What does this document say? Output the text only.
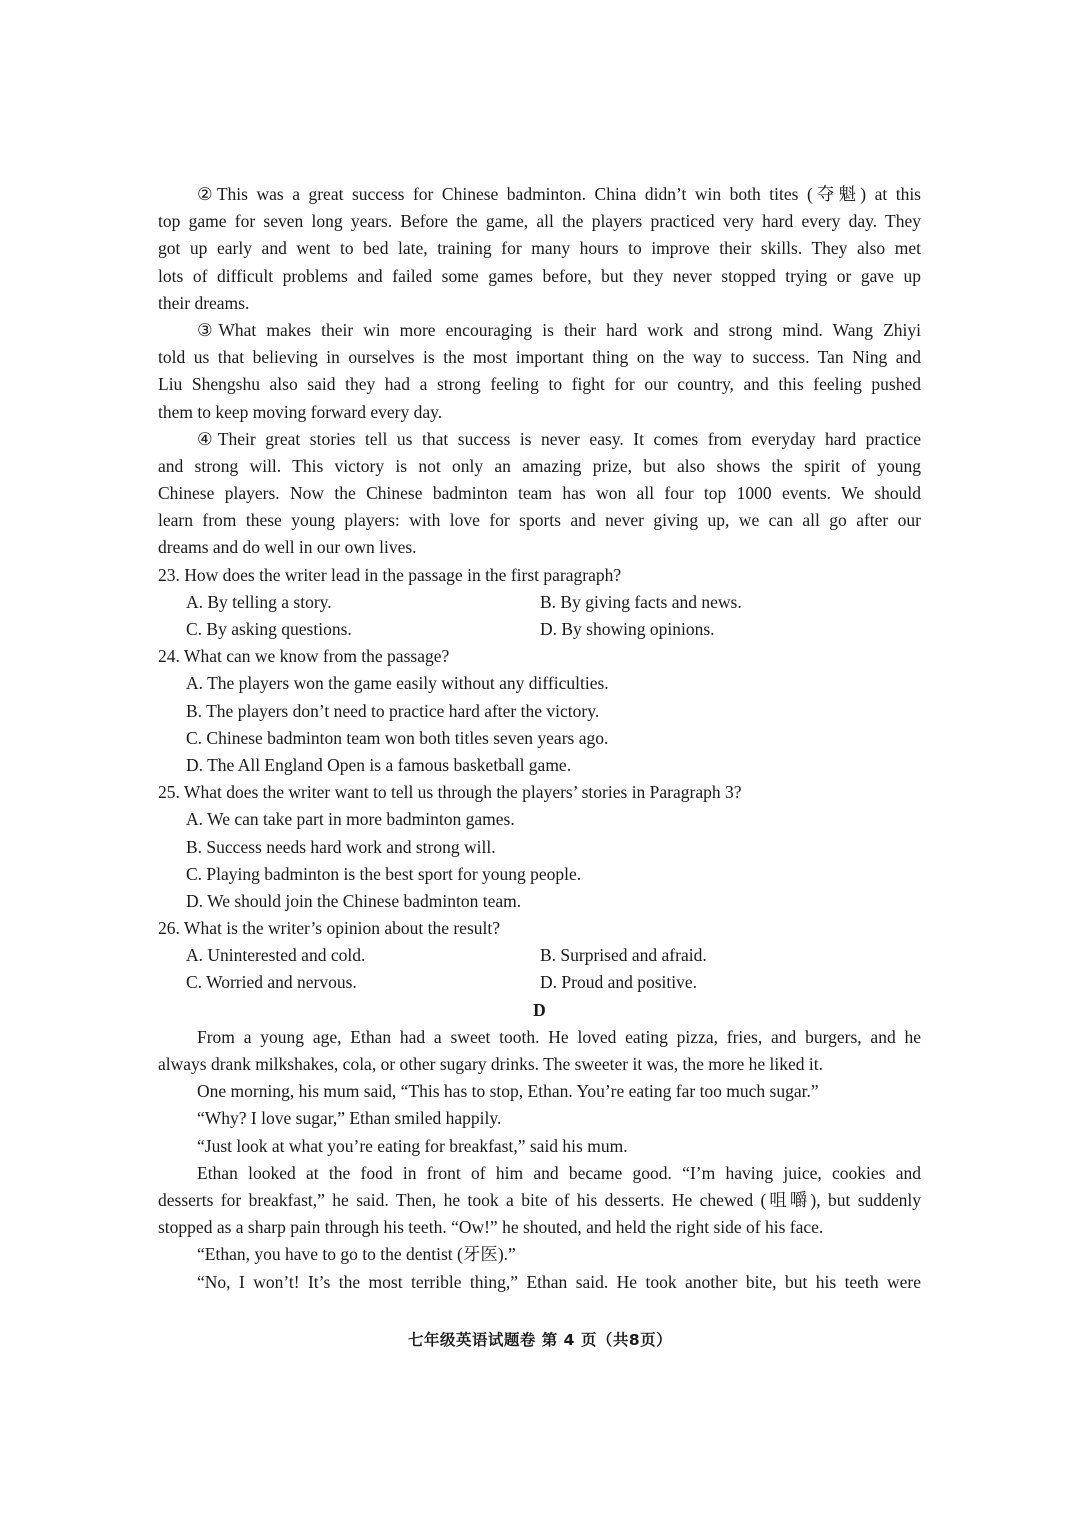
②This was a great success for Chinese badminton. China didn’t win both tites (夺魁) at this
top game for seven long years. Before the game, all the players practiced very hard every day. They
got up early and went to bed late, training for many hours to improve their skills. They also met
lots of difficult problems and failed some games before, but they never stopped trying or gave up
their dreams.
③What makes their win more encouraging is their hard work and strong mind. Wang Zhiyi
told us that believing in ourselves is the most important thing on the way to success. Tan Ning and
Liu Shengshu also said they had a strong feeling to fight for our country, and this feeling pushed
them to keep moving forward every day.
④Their great stories tell us that success is never easy. It comes from everyday hard practice
and strong will. This victory is not only an amazing prize, but also shows the spirit of young
Chinese players. Now the Chinese badminton team has won all four top 1000 events. We should
learn from these young players: with love for sports and never giving up, we can all go after our
dreams and do well in our own lives.
23. How does the writer lead in the passage in the first paragraph?
A. By telling a story.	B. By giving facts and news.
C. By asking questions.	D. By showing opinions.
24. What can we know from the passage?
A. The players won the game easily without any difficulties.
B. The players don’t need to practice hard after the victory.
C. Chinese badminton team won both titles seven years ago.
D. The All England Open is a famous basketball game.
25. What does the writer want to tell us through the players’ stories in Paragraph 3?
A. We can take part in more badminton games.
B. Success needs hard work and strong will.
C. Playing badminton is the best sport for young people.
D. We should join the Chinese badminton team.
26. What is the writer’s opinion about the result?
A. Uninterested and cold.	B. Surprised and afraid.
C. Worried and nervous.	D. Proud and positive.
D
From a young age, Ethan had a sweet tooth. He loved eating pizza, fries, and burgers, and he
always drank milkshakes, cola, or other sugary drinks. The sweeter it was, the more he liked it.
One morning, his mum said, “This has to stop, Ethan. You’re eating far too much sugar.”
“Why? I love sugar,” Ethan smiled happily.
“Just look at what you’re eating for breakfast,” said his mum.
Ethan looked at the food in front of him and became good. “I’m having juice, cookies and
desserts for breakfast,” he said. Then, he took a bite of his desserts. He chewed (咀嚼), but suddenly
stopped as a sharp pain through his teeth. “Ow!” he shouted, and held the right side of his face.
“Ethan, you have to go to the dentist (牙医).”
“No, I won’t! It’s the most terrible thing,” Ethan said. He took another bite, but his teeth were
七年级英语试题卷 第 4 页（共8页）
